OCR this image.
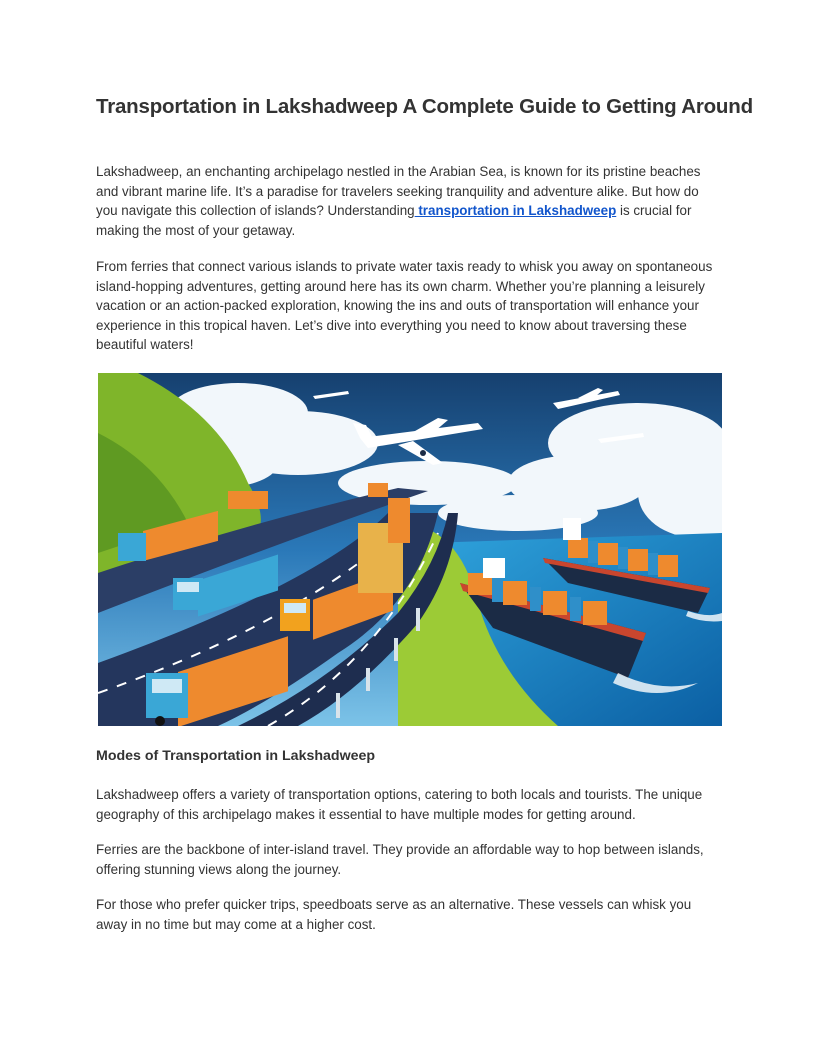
Transportation in Lakshadweep A Complete Guide to Getting Around

Lakshadweep, an enchanting archipelago nestled in the Arabian Sea, is known for its pristine beaches and vibrant marine life. It’s a paradise for travelers seeking tranquility and adventure alike. But how do you navigate this collection of islands? Understanding transportation in Lakshadweep is crucial for making the most of your getaway.

From ferries that connect various islands to private water taxis ready to whisk you away on spontaneous island-hopping adventures, getting around here has its own charm. Whether you’re planning a leisurely vacation or an action-packed exploration, knowing the ins and outs of transportation will enhance your experience in this tropical haven. Let’s dive into everything you need to know about traversing these beautiful waters!

Modes of Transportation in Lakshadweep

Lakshadweep offers a variety of transportation options, catering to both locals and tourists. The unique geography of this archipelago makes it essential to have multiple modes for getting around.

Ferries are the backbone of inter-island travel. They provide an affordable way to hop between islands, offering stunning views along the journey.

For those who prefer quicker trips, speedboats serve as an alternative. These vessels can whisk you away in no time but may come at a higher cost.
